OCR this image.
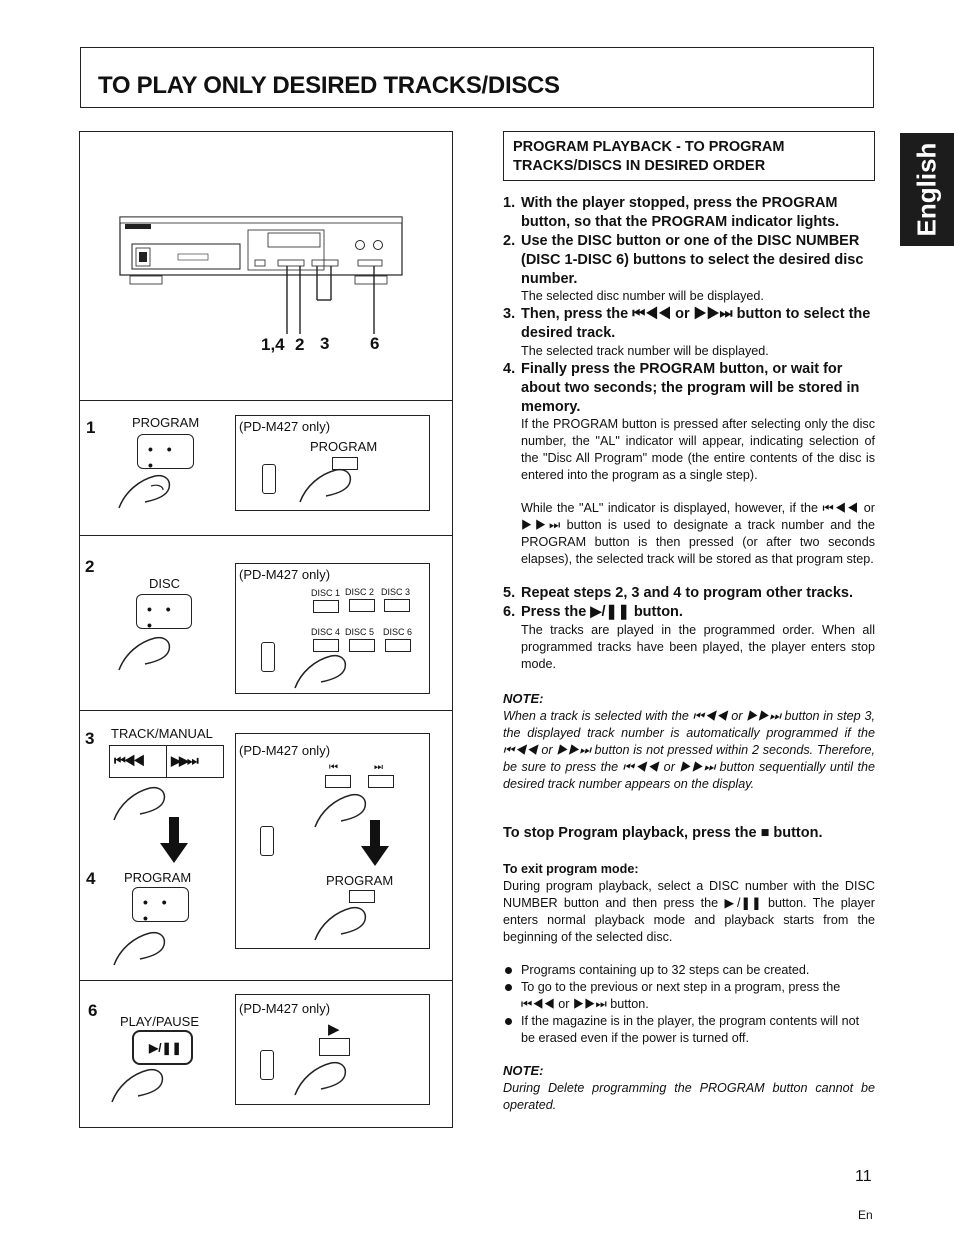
TO PLAY ONLY DESIRED TRACKS/DISCS
English
1,4 2 3 6
1	PROGRAM
• • •
(PD-M427 only)
PROGRAM
2
DISC
• • •
(PD-M427 only)
DISC 1 DISC 2 DISC 3
DISC 4 DISC 5 DISC 6
3 TRACK/MANUAL
⏮◀◀ ▶▶⏭
4 PROGRAM
• • •
(PD-M427 only)
⏮	⏭
PROGRAM
6
PLAY/PAUSE
▶/❚❚
(PD-M427 only)
▶
PROGRAM PLAYBACK - TO PROGRAM TRACKS/DISCS IN DESIRED ORDER
1. With the player stopped, press the PROGRAM button, so that the PROGRAM indicator lights.
2. Use the DISC button or one of the DISC NUMBER (DISC 1-DISC 6) buttons to select the desired disc number.
The selected disc number will be displayed.
3. Then, press the ⏮◀◀ or ▶▶⏭ button to select the desired track.
The selected track number will be displayed.
4. Finally press the PROGRAM button, or wait for about two seconds; the program will be stored in memory.
If the PROGRAM button is pressed after selecting only the disc number, the "AL" indicator will appear, indicating selection of the "Disc All Program" mode (the entire contents of the disc is entered into the program as a single step).
While the "AL" indicator is displayed, however, if the ⏮◀◀ or ▶▶⏭ button is used to designate a track number and the PROGRAM button is then pressed (or after two seconds elapses), the selected track will be stored as that program step.
5. Repeat steps 2, 3 and 4 to program other tracks.
6. Press the ▶/❚❚ button.
The tracks are played in the programmed order. When all programmed tracks have been played, the player enters stop mode.
NOTE:
When a track is selected with the ⏮◀◀ or ▶▶⏭ button in step 3, the displayed track number is automatically programmed if the ⏮◀◀ or ▶▶⏭ button is not pressed within 2 seconds. Therefore, be sure to press the ⏮◀◀ or ▶▶⏭ button sequentially until the desired track number appears on the display.
To stop Program playback, press the ■ button.
To exit program mode:
During program playback, select a DISC number with the DISC NUMBER button and then press the ▶/❚❚ button. The player enters normal playback mode and playback starts from the beginning of the selected disc.
Programs containing up to 32 steps can be created.
To go to the previous or next step in a program, press the ⏮◀◀ or ▶▶⏭ button.
If the magazine is in the player, the program contents will not be erased even if the power is turned off.
NOTE:
During Delete programming the PROGRAM button cannot be operated.
11
En
